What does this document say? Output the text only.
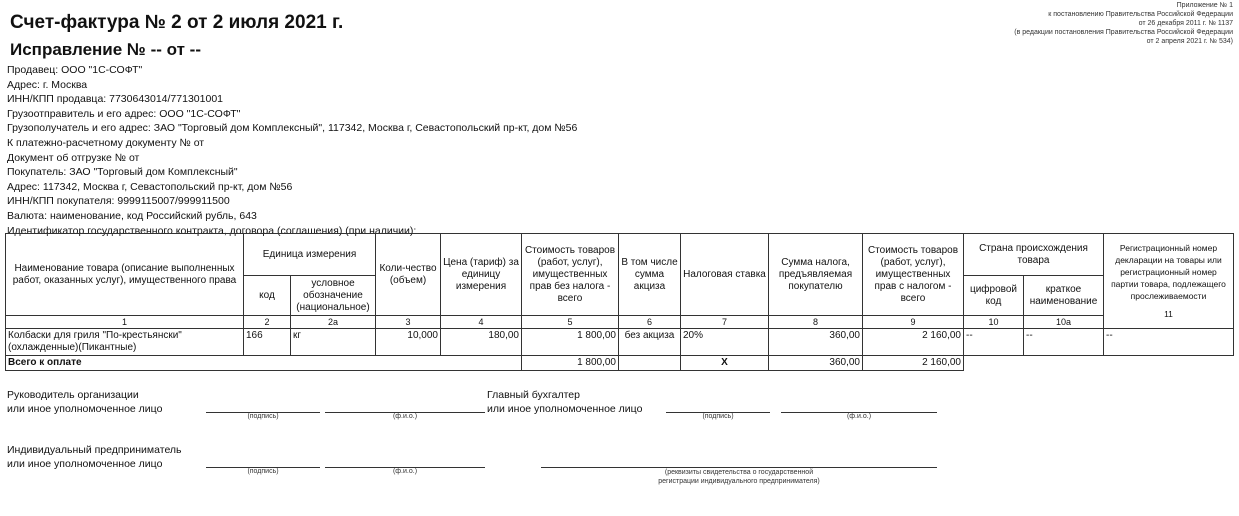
Счет-фактура № 2 от 2 июля 2021 г.
Исправление № -- от --
Приложение № 1
к постановлению Правительства Российской Федерации
от 26 декабря 2011 г. № 1137
(в редакции постановления Правительства Российской Федерации
от 2 апреля 2021 г. № 534)
Продавец: ООО "1С-СОФТ"
Адрес: г. Москва
ИНН/КПП продавца: 7730643014/771301001
Грузоотправитель и его адрес: ООО "1С-СОФТ"
Грузополучатель и его адрес: ЗАО "Торговый дом Комплексный", 117342, Москва г, Севастопольский пр-кт, дом №56
К платежно-расчетному документу № от
Документ об отгрузке № от
Покупатель: ЗАО "Торговый дом Комплексный"
Адрес: 117342, Москва г, Севастопольский пр-кт, дом №56
ИНН/КПП покупателя: 9999115007/999911500
Валюта: наименование, код Российский рубль, 643
Идентификатор государственного контракта, договора (соглашения) (при наличии):
Наименование товара (описание выполненных работ, оказанных услуг), имущественного права	Единица измерения		Коли-чество (объем)	Цена (тариф) за единицу измерения	Стоимость товаров (работ, услуг), имущественных прав без налога - всего	В том числе сумма акциза	Налоговая ставка	Сумма налога, предъявляемая покупателю	Стоимость товаров (работ, услуг), имущественных прав с налогом - всего	Страна происхождения товара		Регистрационный номер декларации на товары или регистрационный номер партии товара, подлежащего прослеживаемости
11

	код	условное обозначение (национальное)								цифровой код	краткое наименование	
1	2	2а	3	4	5	6	7	8	9	10	10а	
Колбаски для гриля "По-крестьянски" (охлажденные)(Пикантные)	166	кг	10,000	180,00	1 800,00	без акциза	20%	360,00	2 160,00	--	--	--
Всего к оплате					1 800,00		X	360,00	2 160,00			
Руководитель организации
или иное уполномоченное лицо
(подпись)	(ф.и.о.)
Главный бухгалтер
или иное уполномоченное лицо
(подпись)	(ф.и.о.)
Индивидуальный предприниматель
или иное уполномоченное лицо
(подпись)	(ф.и.о.)	(реквизиты свидетельства о государственной регистрации индивидуального предпринимателя)
